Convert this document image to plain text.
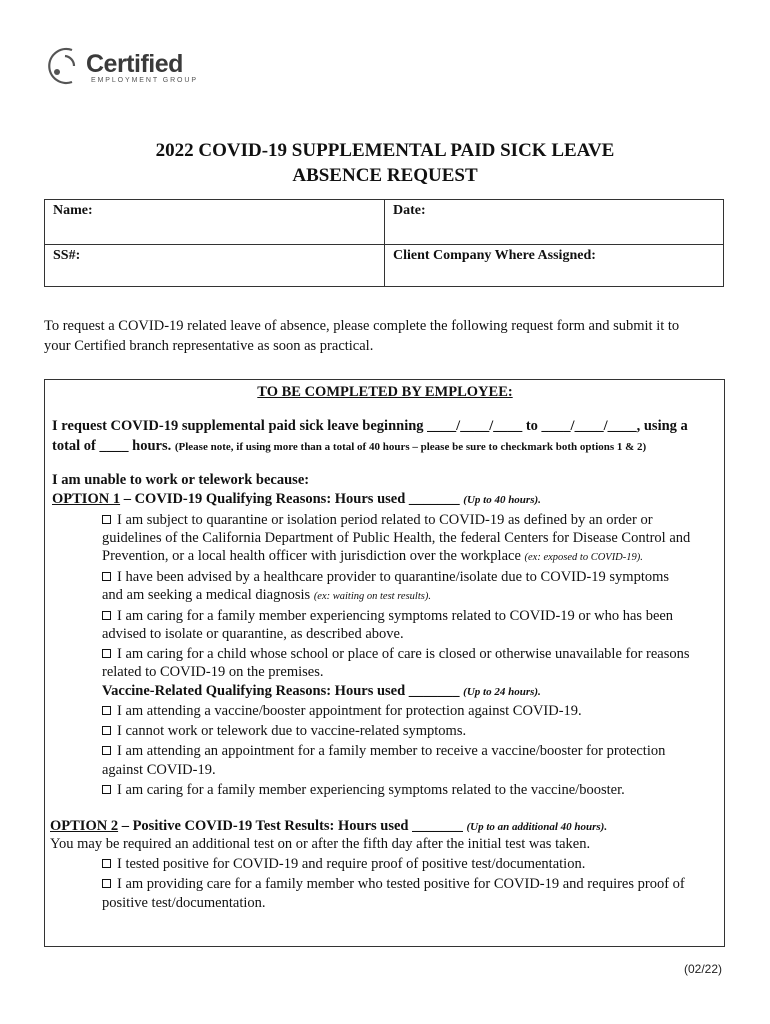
Certified
EMPLOYMENT GROUP
2022 COVID-19 SUPPLEMENTAL PAID SICK LEAVE
ABSENCE REQUEST
Name:	Date:
SS#:	Client Company Where Assigned:
To request a COVID-19 related leave of absence, please complete the following request form and submit it to
your Certified branch representative as soon as practical.
TO BE COMPLETED BY EMPLOYEE:
I request COVID-19 supplemental paid sick leave beginning ____/____/____ to ____/____/____, using a
total of ____ hours. (Please note, if using more than a total of 40 hours – please be sure to checkmark both options 1 & 2)
I am unable to work or telework because:
OPTION 1 – COVID-19 Qualifying Reasons: Hours used _______ (Up to 40 hours).
I am subject to quarantine or isolation period related to COVID-19 as defined by an order or
guidelines of the California Department of Public Health, the federal Centers for Disease Control and
Prevention, or a local health officer with jurisdiction over the workplace (ex: exposed to COVID-19).
I have been advised by a healthcare provider to quarantine/isolate due to COVID-19 symptoms
and am seeking a medical diagnosis (ex: waiting on test results).
I am caring for a family member experiencing symptoms related to COVID-19 or who has been
advised to isolate or quarantine, as described above.
I am caring for a child whose school or place of care is closed or otherwise unavailable for reasons
related to COVID-19 on the premises.
Vaccine-Related Qualifying Reasons: Hours used _______ (Up to 24 hours).
I am attending a vaccine/booster appointment for protection against COVID-19.
I cannot work or telework due to vaccine-related symptoms.
I am attending an appointment for a family member to receive a vaccine/booster for protection
against COVID-19.
I am caring for a family member experiencing symptoms related to the vaccine/booster.
OPTION 2 – Positive COVID-19 Test Results: Hours used _______ (Up to an additional 40 hours).
You may be required an additional test on or after the fifth day after the initial test was taken.
I tested positive for COVID-19 and require proof of positive test/documentation.
I am providing care for a family member who tested positive for COVID-19 and requires proof of
positive test/documentation.
(02/22)
